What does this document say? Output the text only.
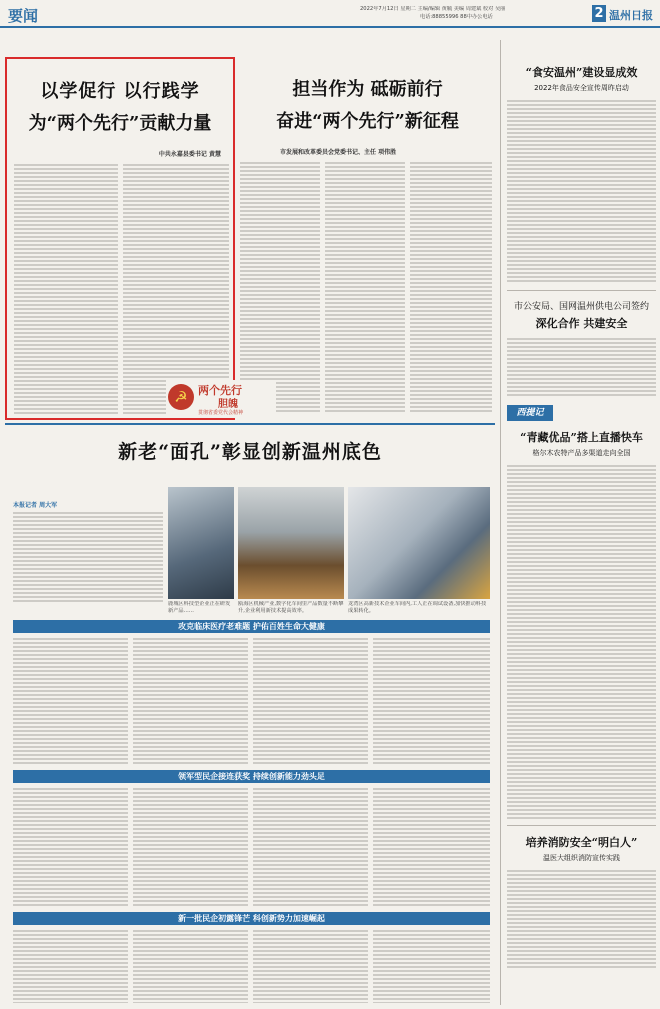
要闻	2022年7月12日 星期二 主编/编辑 黄毓 美编 周建斌 校对 吴丽
电话:88855996 88中办公电话	2 温州日报
以学促行 以行践学
为“两个先行”贡献力量
中共永嘉县委书记 黄慧
担当作为 砥砺前行
奋进“两个先行”新征程
市发展和改革委员会党委书记、主任 项伟胜
☭ 两个先行
胆魄
贯彻省委党代会精神
“食安温州”建设显成效
2022年食品安全宣传周昨启动
市公安局、国网温州供电公司签约
深化合作 共建安全
西提记
“青藏优品”搭上直播快车
格尔木农特产品多渠道走向全国
培养消防安全“明白人”
温医大组织消防宣传实践
新老“面孔”彰显创新温州底色
本报记者 周大军
鹿城区科技型企业正在研发新产品……
瓯海区机械产业,数字化车间里产品数量不断攀升,企业利用新技术提高效率。
龙湾区高新技术企业车间内,工人正在调试设备,加快推动科技成果转化。
攻克临床医疗老难题 护佑百姓生命大健康
领军型民企接连获奖 持续创新能力劲头足
新一批民企初露锋芒 科创新势力加速崛起
